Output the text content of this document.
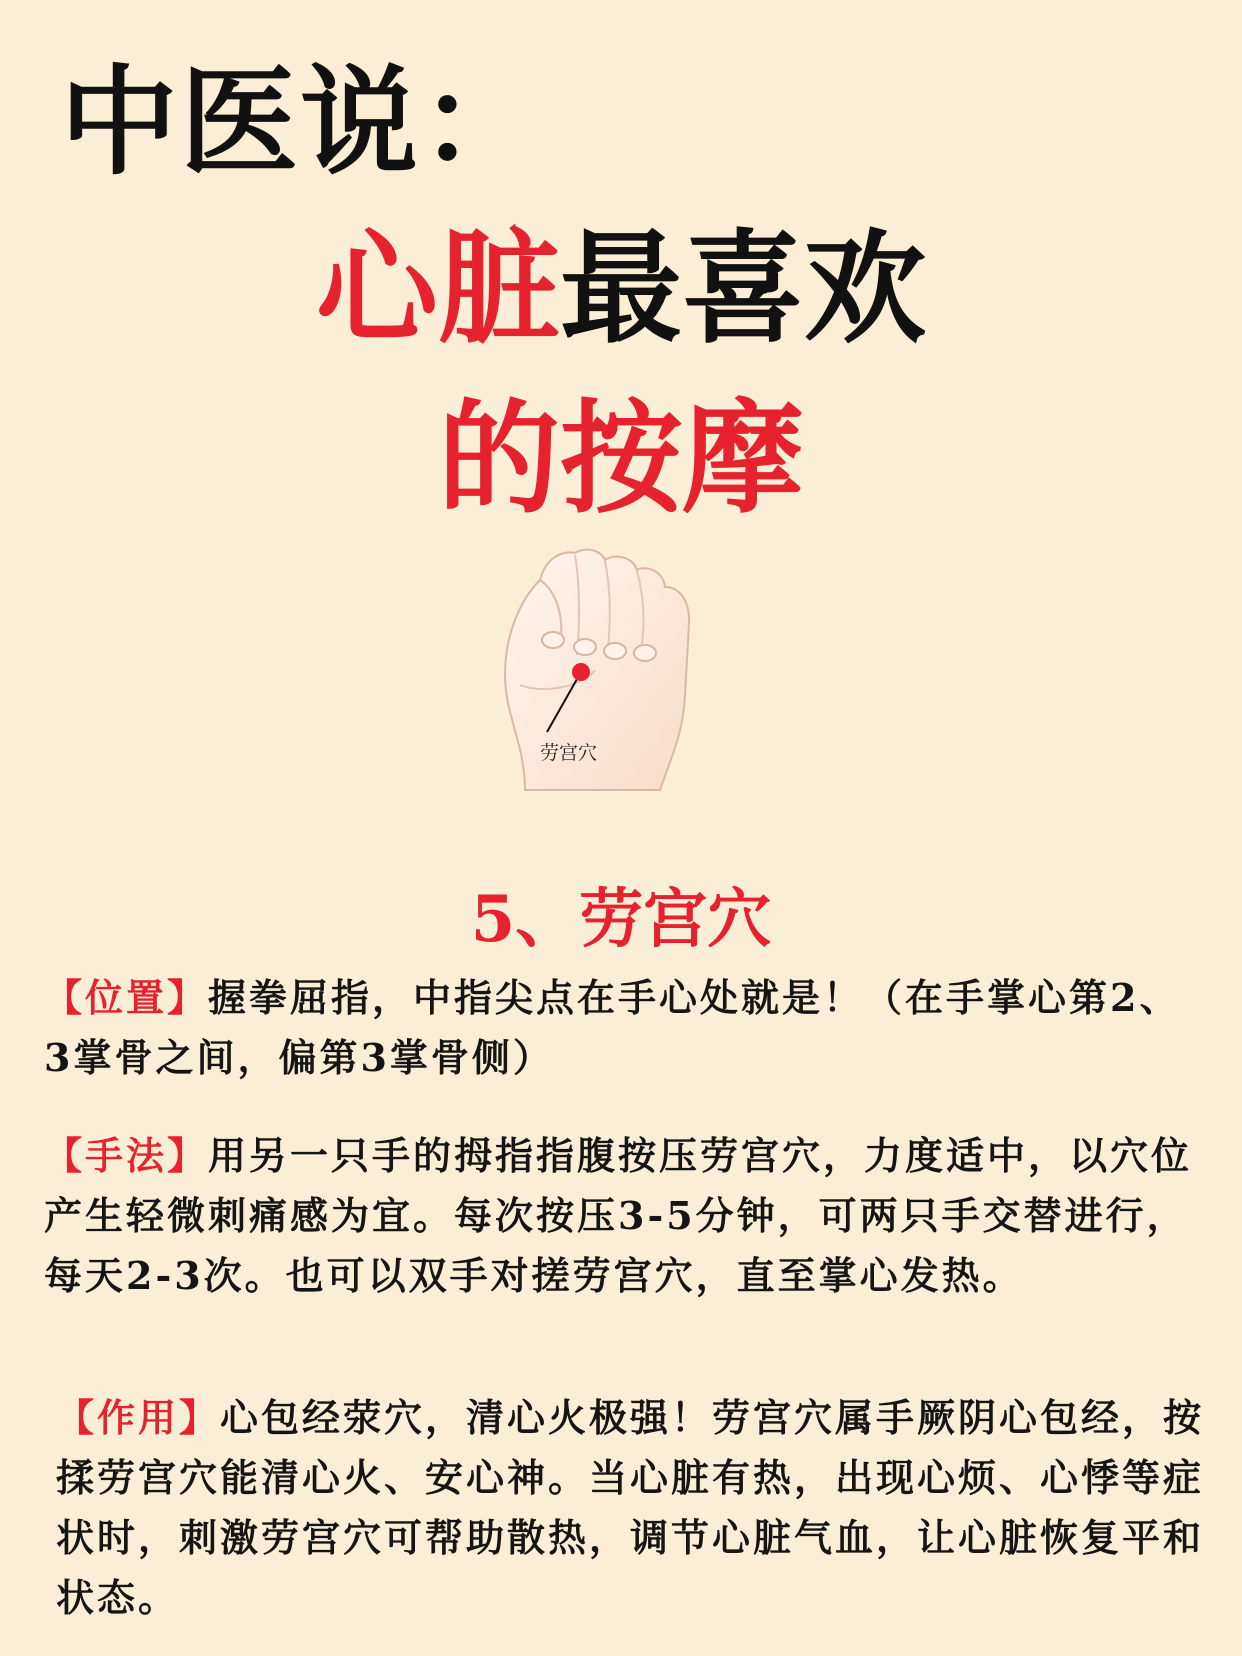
中医说：
心脏最喜欢
的按摩
劳宫穴
5、劳宫穴
【位置】握拳屈指，中指尖点在手心处就是！（在手掌心第2、3掌骨之间，偏第3掌骨侧）
【手法】用另一只手的拇指指腹按压劳宫穴，力度适中，以穴位产生轻微刺痛感为宜。每次按压3-5分钟，可两只手交替进行，每天2-3次。也可以双手对搓劳宫穴，直至掌心发热。
【作用】心包经荥穴，清心火极强！劳宫穴属手厥阴心包经，按揉劳宫穴能清心火、安心神。当心脏有热，出现心烦、心悸等症状时，刺激劳宫穴可帮助散热，调节心脏气血，让心脏恢复平和状态。
